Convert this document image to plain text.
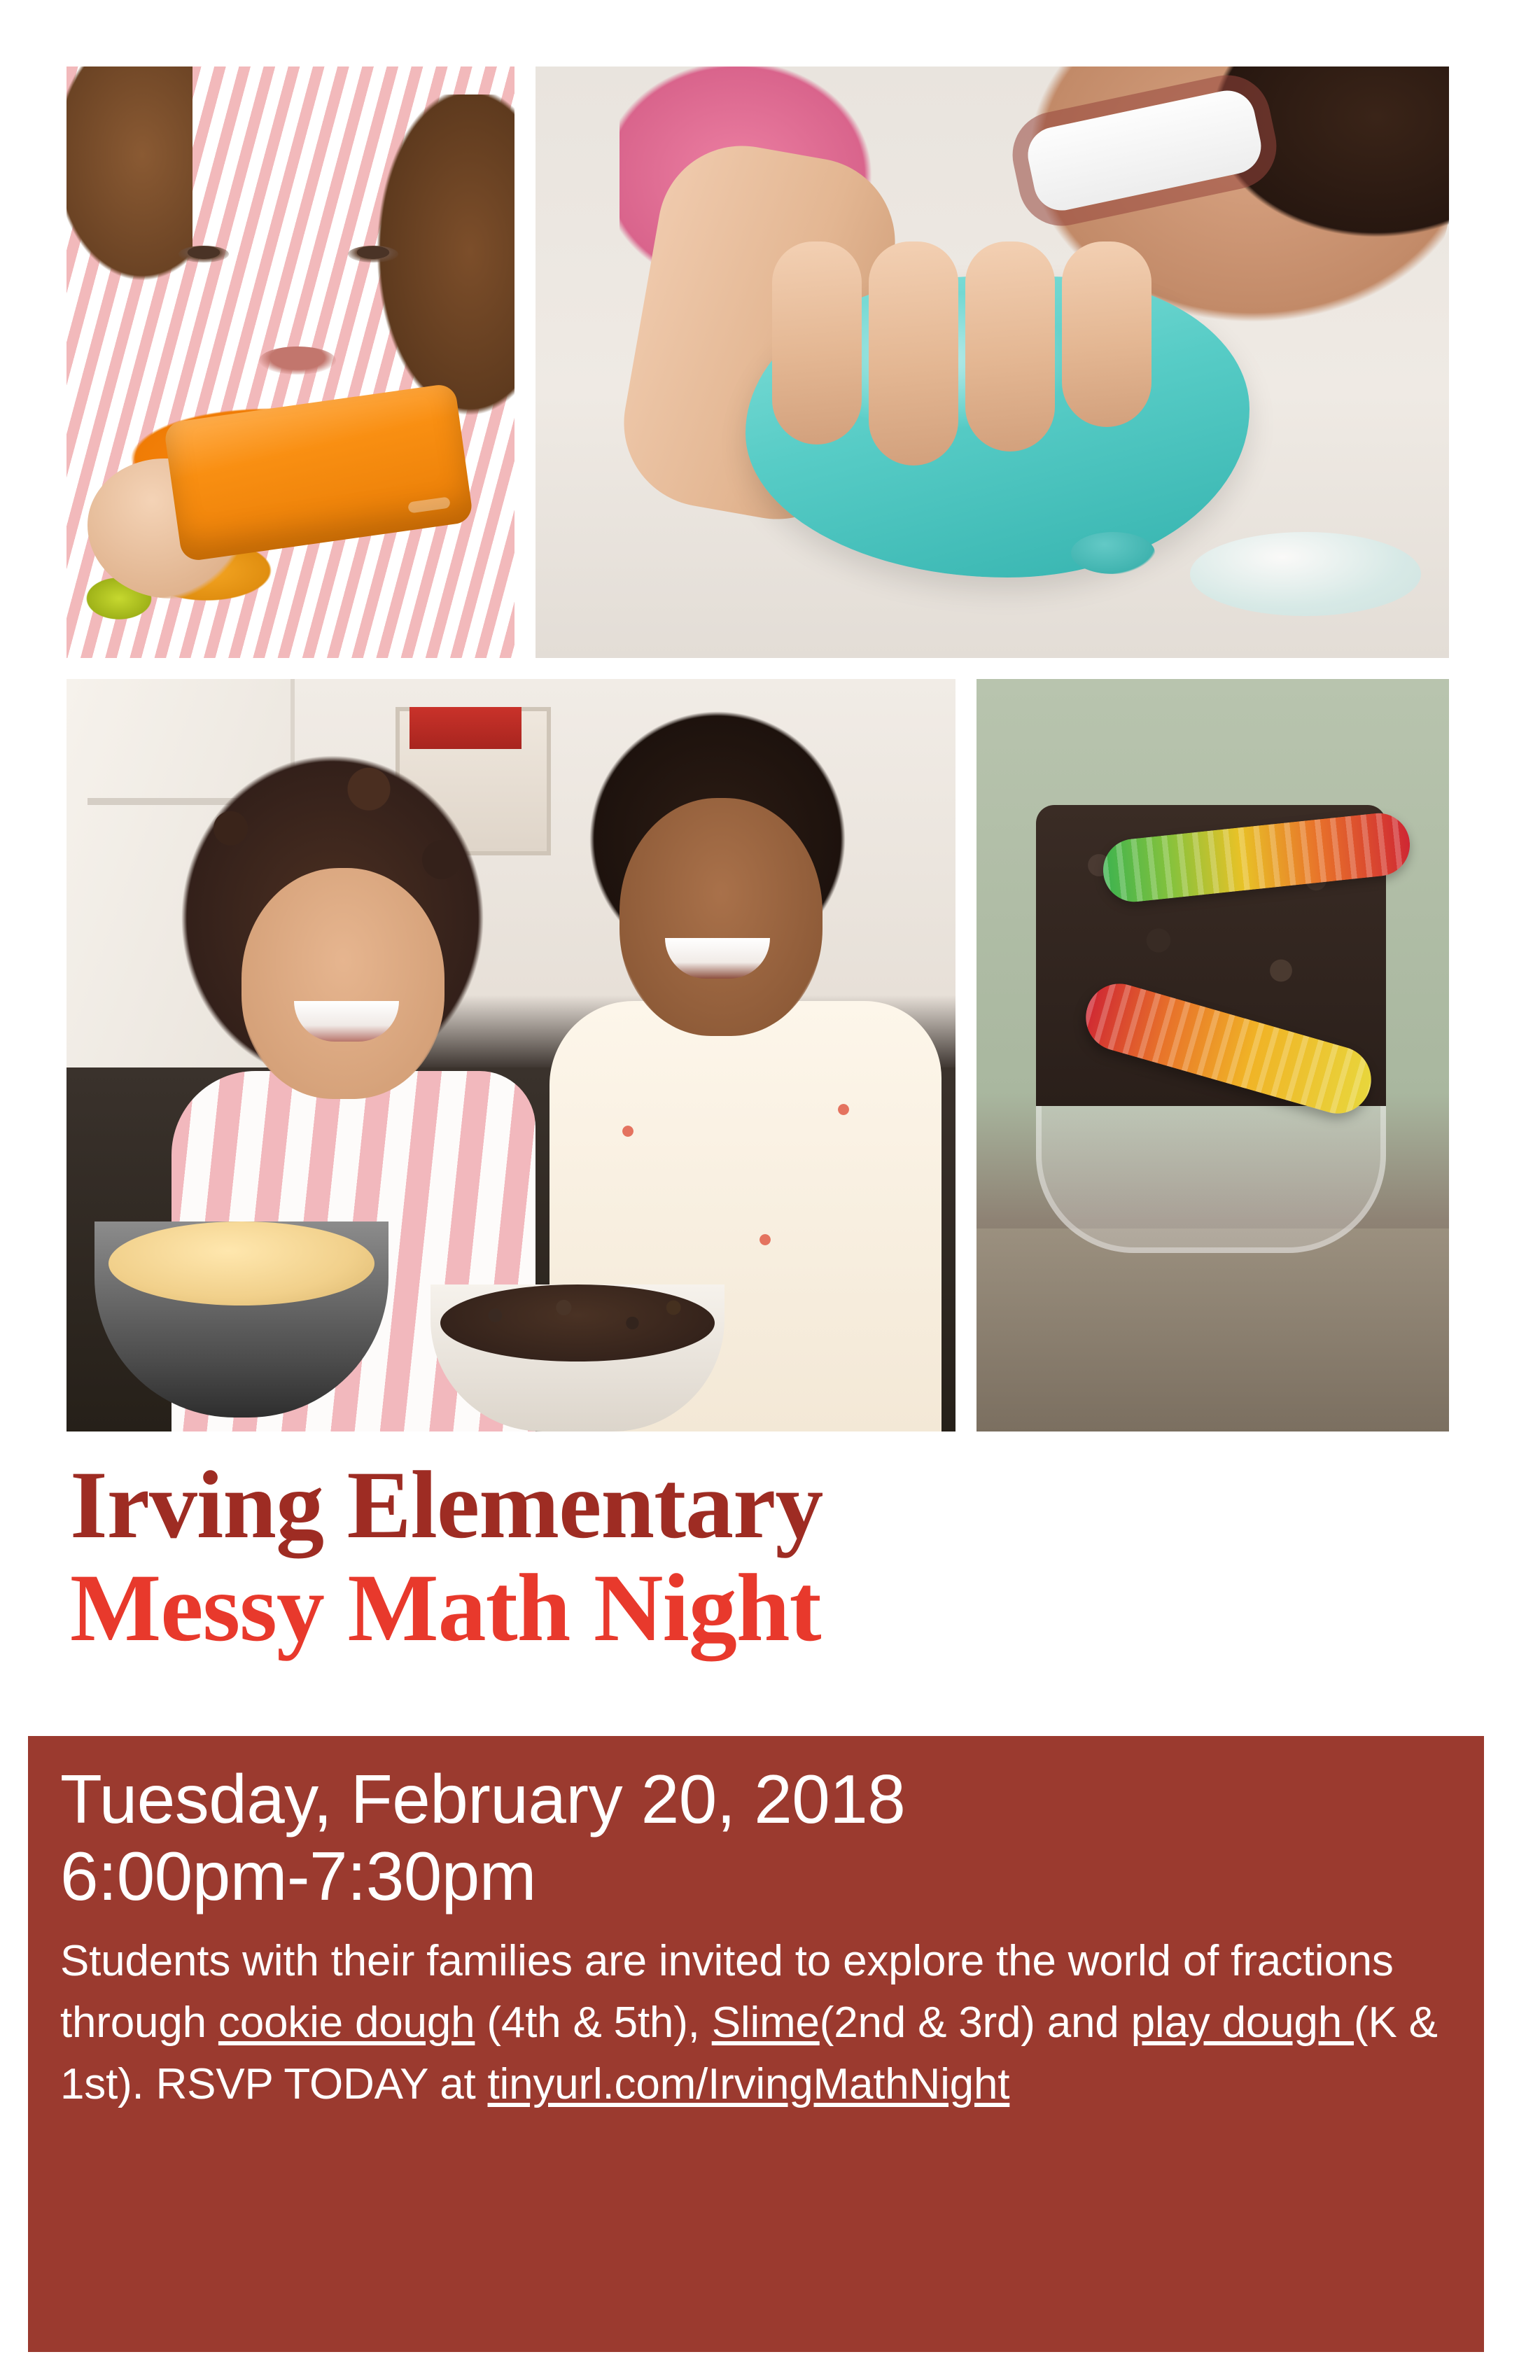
Irving Elementary
Messy Math Night
Tuesday, February 20, 2018
6:00pm-7:30pm

Students with their families are invited to explore the world of fractions through cookie dough (4th & 5th), Slime(2nd & 3rd) and play dough (K & 1st). RSVP TODAY at tinyurl.com/IrvingMathNight
